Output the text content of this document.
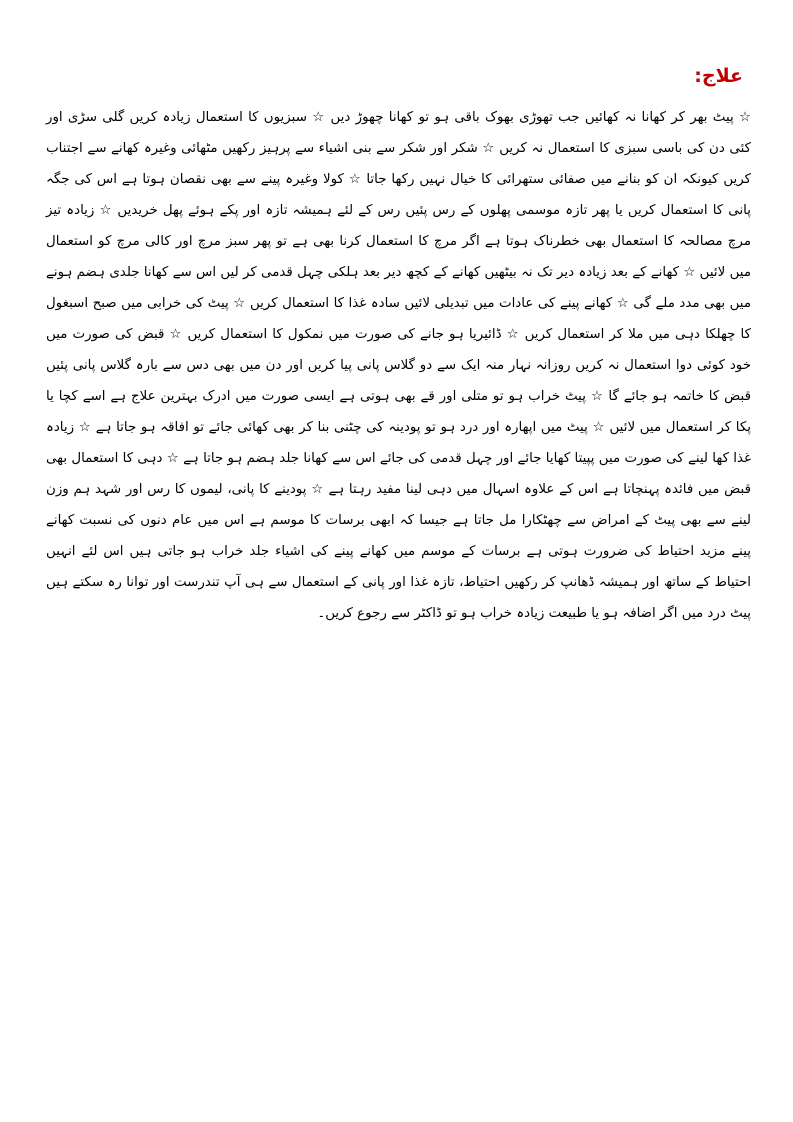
علاج:

☆ پیٹ بھر کر کھانا نہ کھائیں جب تھوڑی بھوک باقی ہو تو کھانا چھوڑ دیں ☆ سبزیوں کا استعمال زیادہ کریں گلی سڑی اور کئی دن کی باسی سبزی کا استعمال نہ کریں ☆ شکر اور شکر سے بنی اشیاء سے پرہیز رکھیں مٹھائی وغیرہ کھانے سے اجتناب کریں کیونکہ ان کو بنانے میں صفائی ستھرائی کا خیال نہیں رکھا جاتا ☆ کولا وغیرہ پینے سے بھی نقصان ہوتا ہے اس کی جگہ پانی کا استعمال کریں یا پھر تازہ موسمی پھلوں کے رس پئیں رس کے لئے ہمیشہ تازہ اور پکے ہوئے پھل خریدیں ☆ زیادہ تیز مرچ مصالحہ کا استعمال بھی خطرناک ہوتا ہے اگر مرچ کا استعمال کرنا بھی ہے تو پھر سبز مرچ اور کالی مرچ کو استعمال میں لائیں ☆ کھانے کے بعد زیادہ دیر تک نہ بیٹھیں کھانے کے کچھ دیر بعد ہلکی چہل قدمی کر لیں اس سے کھانا جلدی ہضم ہونے میں بھی مدد ملے گی ☆ کھانے پینے کی عادات میں تبدیلی لائیں سادہ غذا کا استعمال کریں ☆ پیٹ کی خرابی میں صبح اسبغول کا چھلکا دہی میں ملا کر استعمال کریں ☆ ڈائیریا ہو جانے کی صورت میں نمکول کا استعمال کریں ☆ قبض کی صورت میں خود کوئی دوا استعمال نہ کریں روزانہ نہار منہ ایک سے دو گلاس پانی پیا کریں اور دن میں بھی دس سے بارہ گلاس پانی پئیں قبض کا خاتمہ ہو جائے گا ☆ پیٹ خراب ہو تو متلی اور قے بھی ہوتی ہے ایسی صورت میں ادرک بہترین علاج ہے اسے کچا یا پکا کر استعمال میں لائیں ☆ پیٹ میں اپھارہ اور درد ہو تو پودینہ کی چٹنی بنا کر بھی کھائی جائے تو افاقہ ہو جاتا ہے ☆ زیادہ غذا کھا لینے کی صورت میں پپیتا کھایا جائے اور چہل قدمی کی جائے اس سے کھانا جلد ہضم ہو جاتا ہے ☆ دہی کا استعمال بھی قبض میں فائدہ پہنچاتا ہے اس کے علاوہ اسہال میں دہی لینا مفید رہتا ہے ☆ پودینے کا پانی، لیموں کا رس اور شہد ہم وزن لینے سے بھی پیٹ کے امراض سے چھٹکارا مل جاتا ہے جیسا کہ ابھی برسات کا موسم ہے اس میں عام دنوں کی نسبت کھانے پینے مزید احتیاط کی ضرورت ہوتی ہے برسات کے موسم میں کھانے پینے کی اشیاء جلد خراب ہو جاتی ہیں اس لئے انہیں احتیاط کے ساتھ اور ہمیشہ ڈھانپ کر رکھیں احتیاط، تازہ غذا اور پانی کے استعمال سے ہی آپ تندرست اور توانا رہ سکتے ہیں پیٹ درد میں اگر اضافہ ہو یا طبیعت زیادہ خراب ہو تو ڈاکٹر سے رجوع کریں۔
